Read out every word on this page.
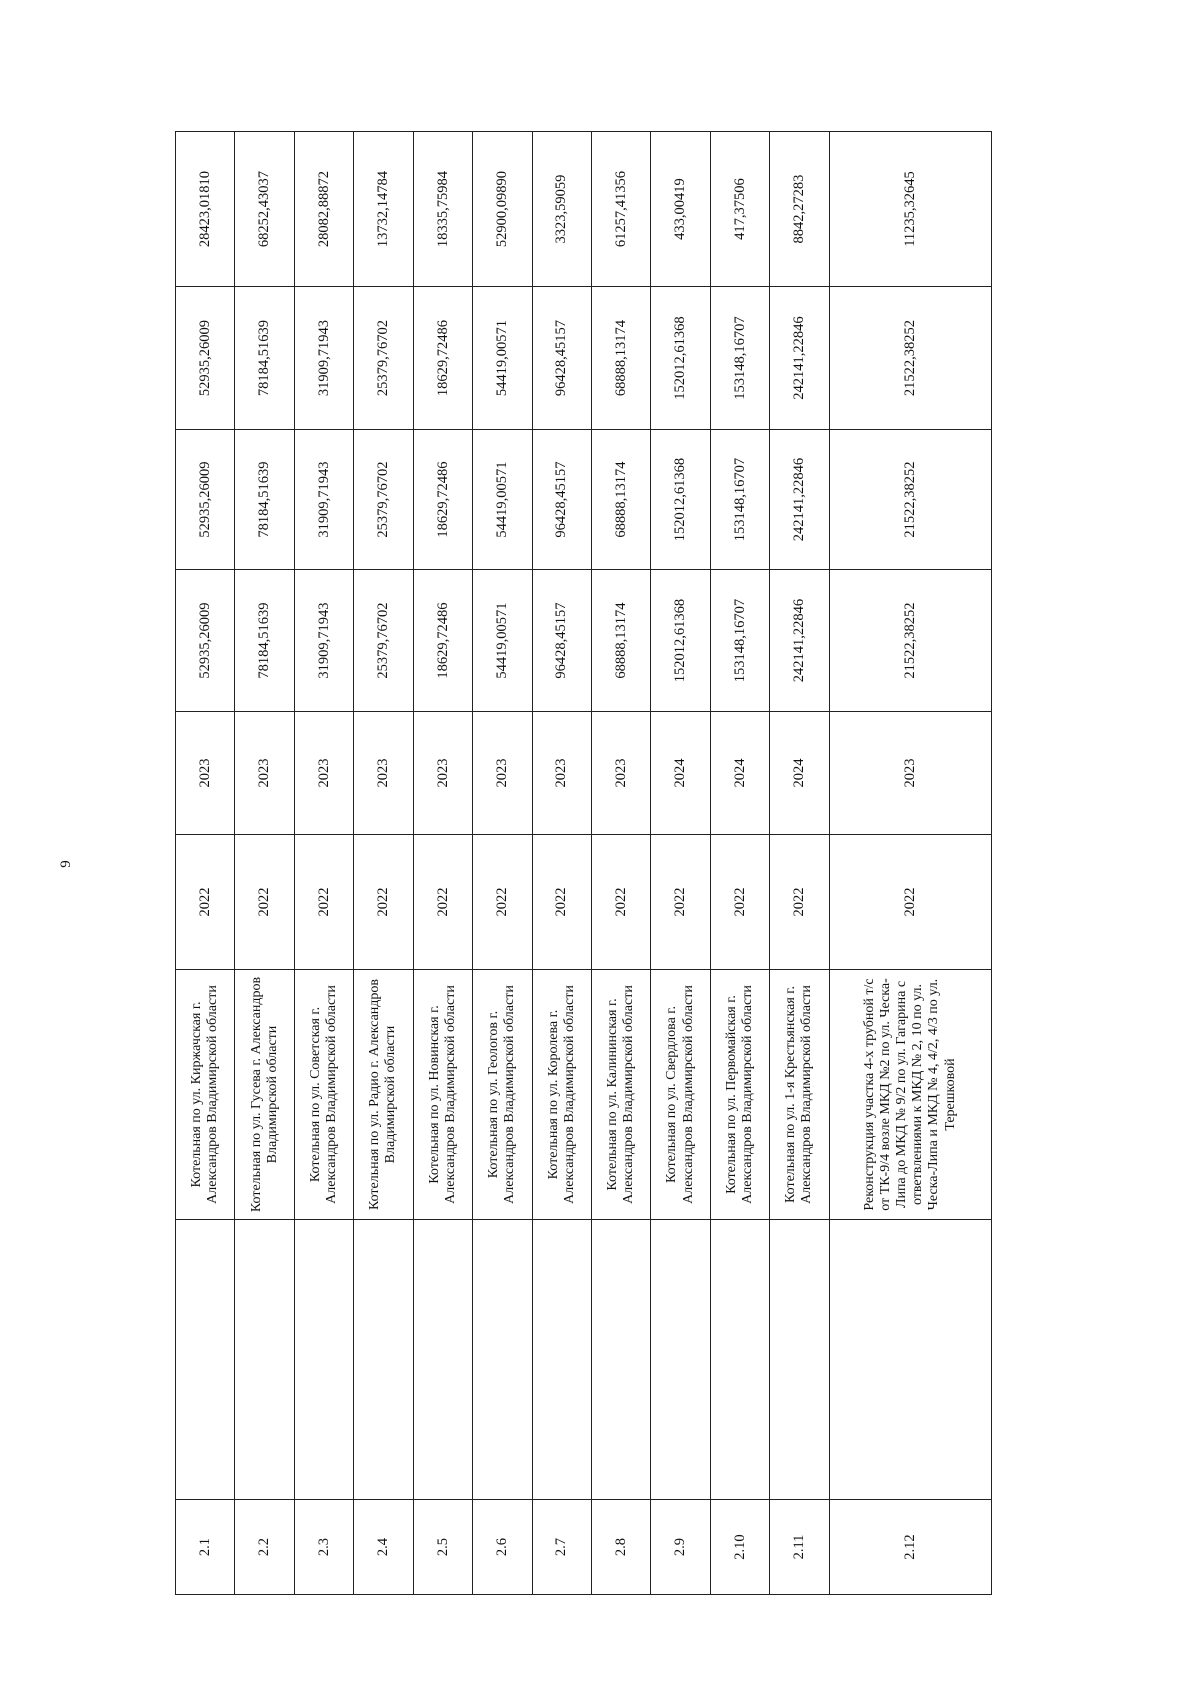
9
2.1		Котельная по ул. Киржачская г. Александров Владимирской области	2022	2023	52935,26009	52935,26009	52935,26009	28423,01810
2.2		Котельная по ул. Гусева г. Александров Владимирской области	2022	2023	78184,51639	78184,51639	78184,51639	68252,43037
2.3		Котельная по ул. Советская г. Александров Владимирской области	2022	2023	31909,71943	31909,71943	31909,71943	28082,88872
2.4		Котельная по ул. Радио г. Александров Владимирской области	2022	2023	25379,76702	25379,76702	25379,76702	13732,14784
2.5		Котельная по ул. Новинская г. Александров Владимирской области	2022	2023	18629,72486	18629,72486	18629,72486	18335,75984
2.6		Котельная по ул. Геологов г. Александров Владимирской области	2022	2023	54419,00571	54419,00571	54419,00571	52900,09890
2.7		Котельная по ул. Королева г. Александров Владимирской области	2022	2023	96428,45157	96428,45157	96428,45157	3323,59059
2.8		Котельная по ул. Калининская г. Александров Владимирской области	2022	2023	68888,13174	68888,13174	68888,13174	61257,41356
2.9		Котельная по ул. Свердлова г. Александров Владимирской области	2022	2024	152012,61368	152012,61368	152012,61368	433,00419
2.10		Котельная по ул. Первомайская г. Александров Владимирской области	2022	2024	153148,16707	153148,16707	153148,16707	417,37506
2.11		Котельная по ул. 1-я Крестьянская г. Александров Владимирской области	2022	2024	242141,22846	242141,22846	242141,22846	8842,27283
2.12		Реконструкция участка 4-х трубной т/с от ТК-9/4 возле МКД №2 по ул. Ческа-Липа до МКД № 9/2 по ул. Гагарина с ответвлениями к МКД № 2, 10 по ул. Ческа-Липа и МКД № 4, 4/2, 4/3 по ул. Терешковой	2022	2023	21522,38252	21522,38252	21522,38252	11235,32645
